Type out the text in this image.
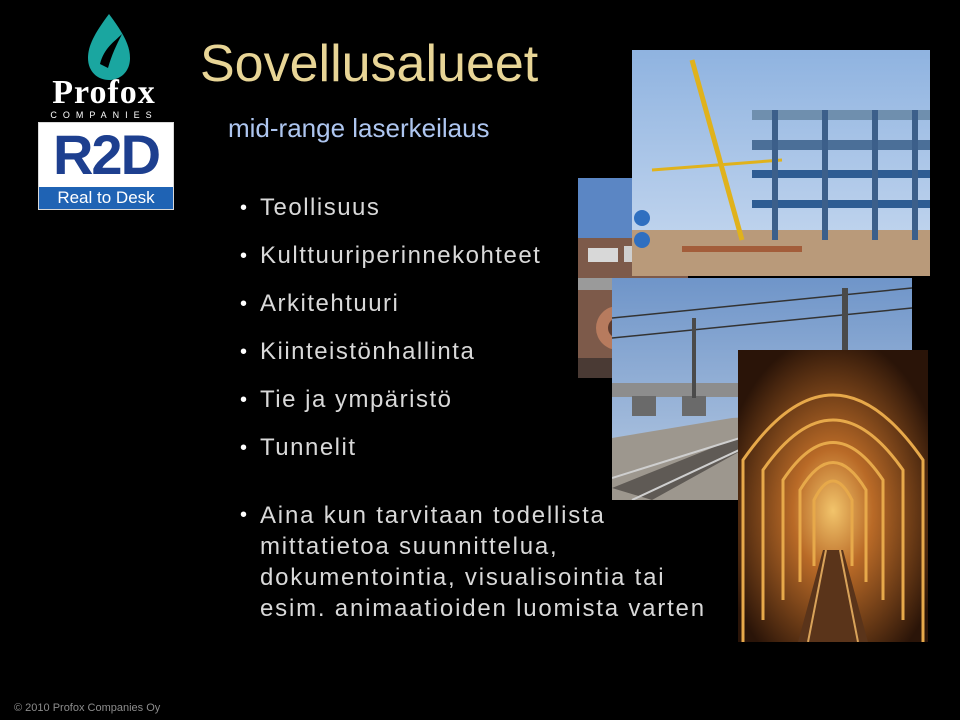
Profox
COMPANIES
R2D
Real to Desk
Sovellusalueet
mid-range laserkeilaus
• Teollisuus
• Kulttuuriperinnekohteet
• Arkitehtuuri
• Kiinteistönhallinta
• Tie ja ympäristö
• Tunnelit
• Aina kun tarvitaan todellista mittatietoa suunnittelua, dokumentointia, visualisointia tai esim. animaatioiden luomista varten
© 2010 Profox Companies Oy
